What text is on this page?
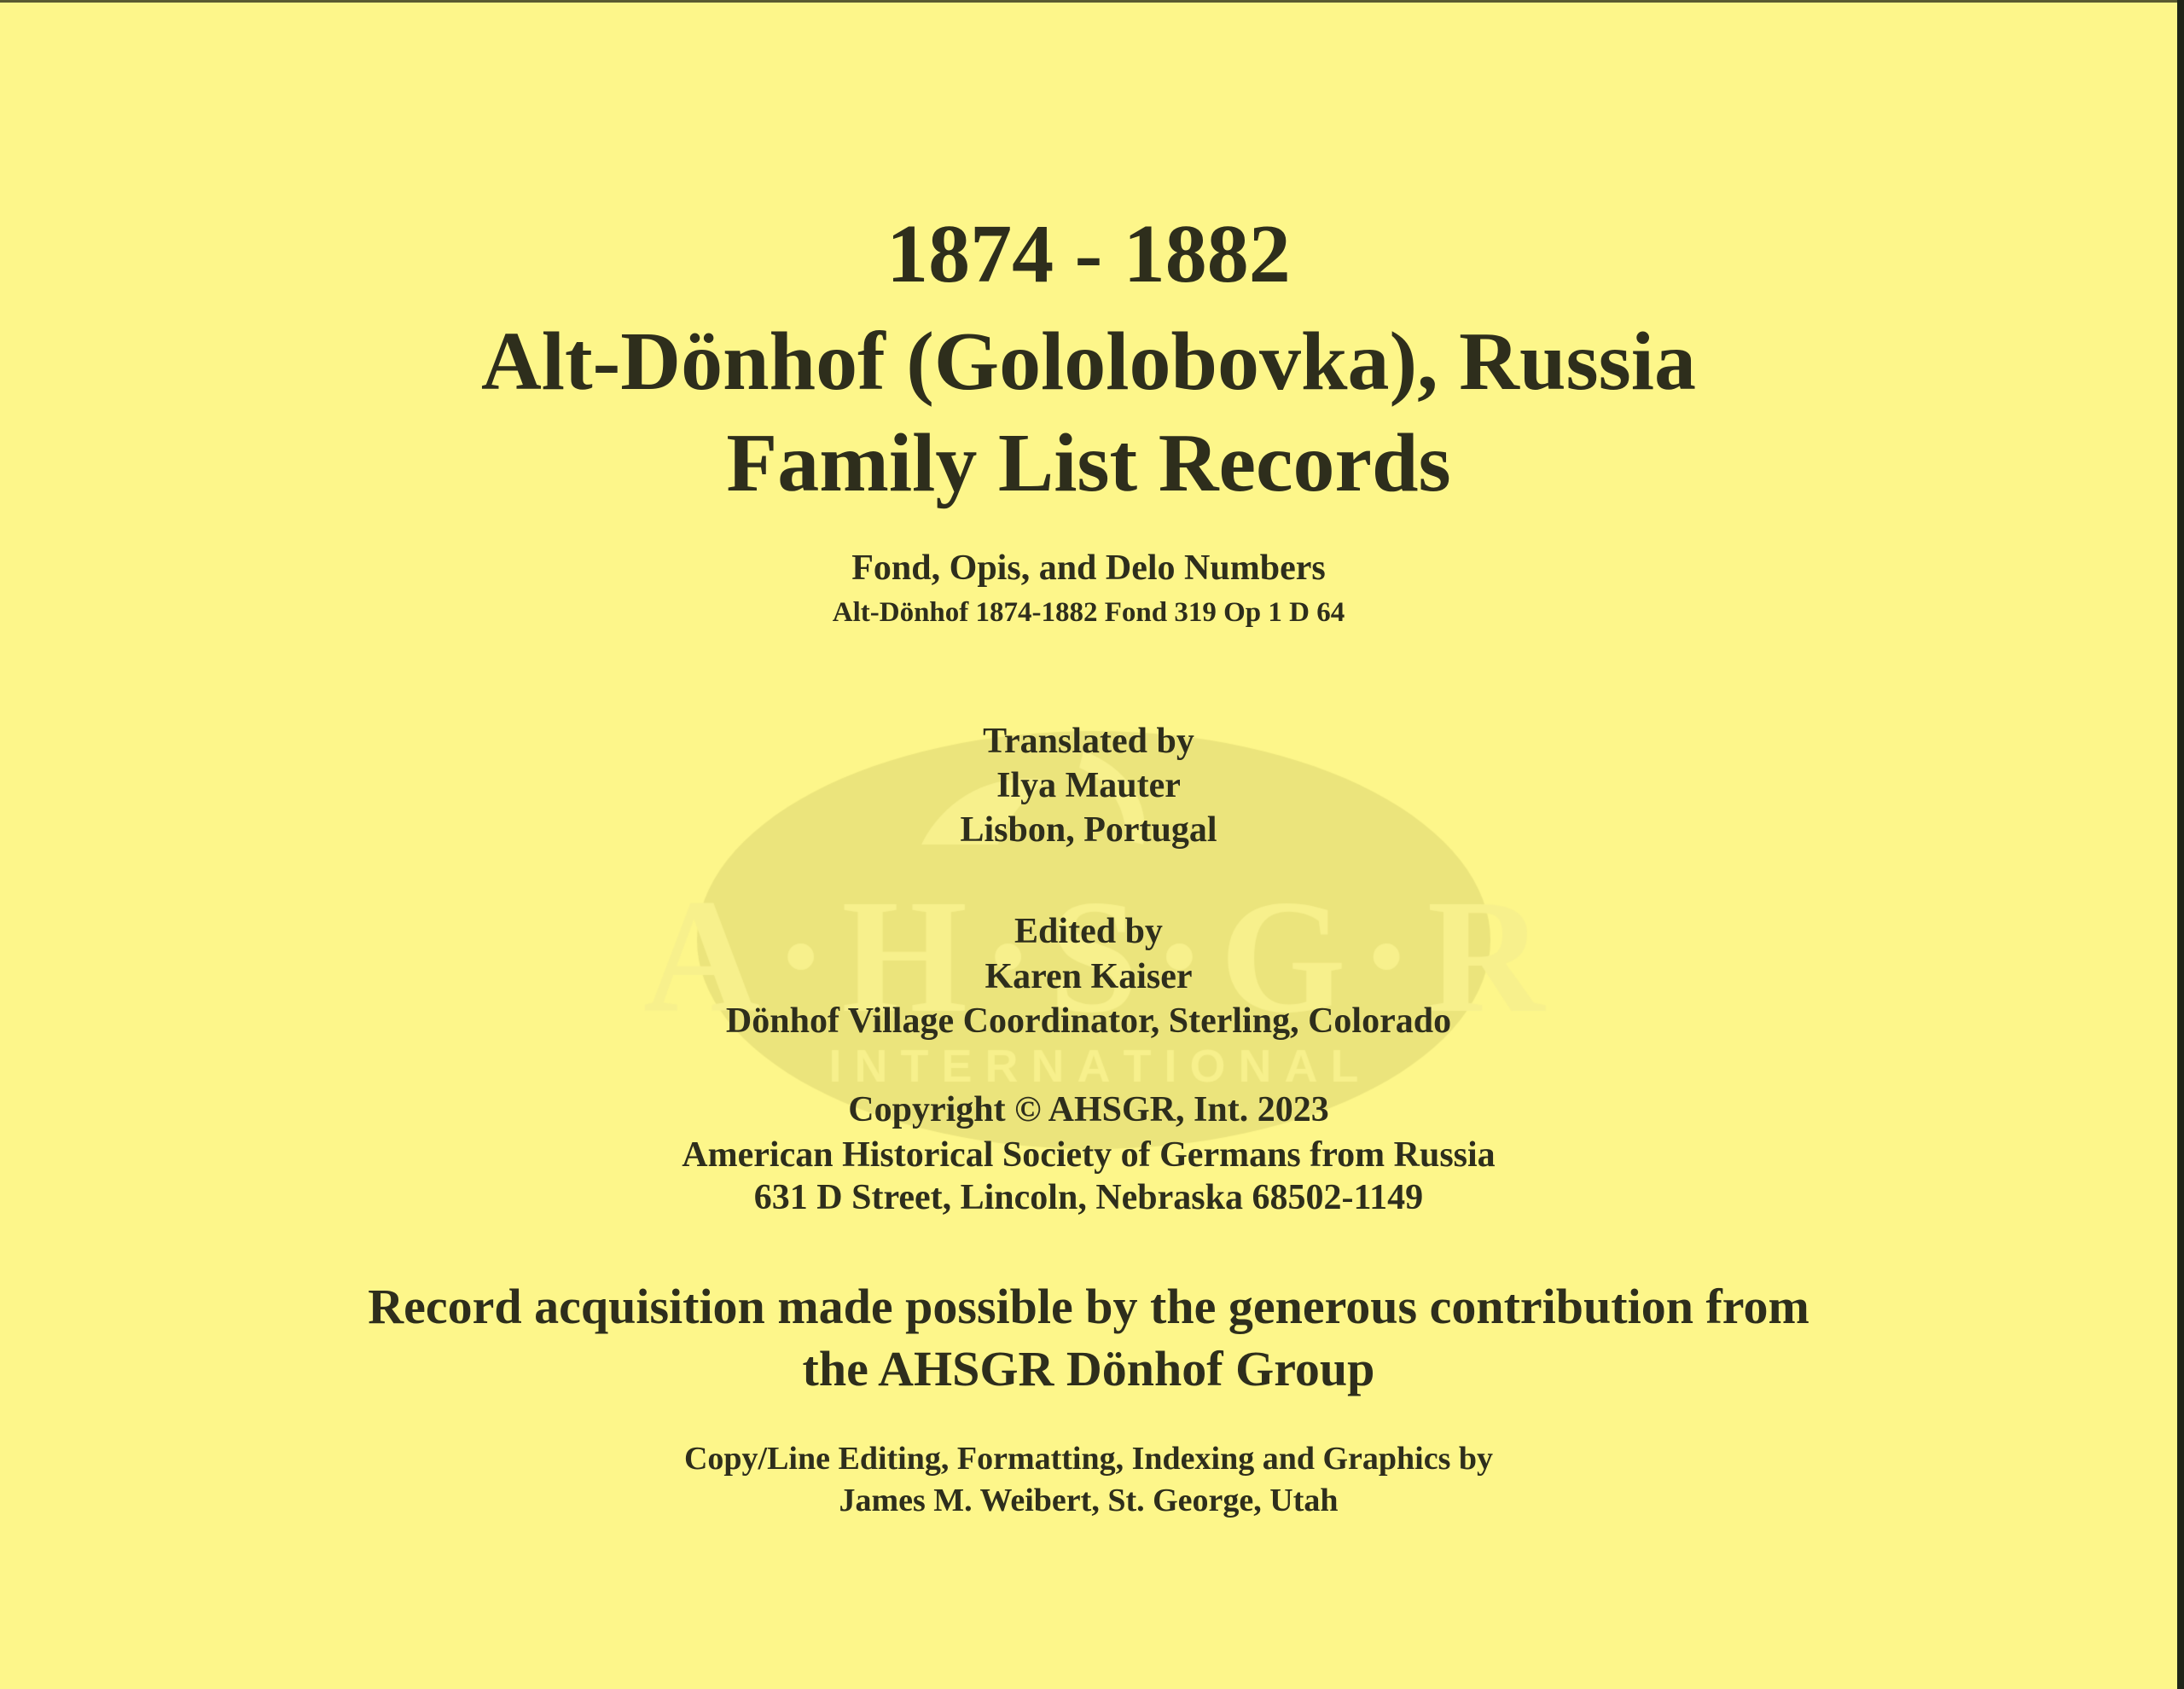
1874 - 1882
Alt-Dönhof (Gololobovka), Russia
Family List Records
Fond, Opis, and Delo Numbers
Alt-Dönhof 1874-1882 Fond 319 Op 1 D 64
Translated by
Ilya Mauter
Lisbon, Portugal
Edited by
Karen Kaiser
Dönhof Village Coordinator, Sterling, Colorado
Copyright © AHSGR, Int. 2023
American Historical Society of Germans from Russia
631 D Street, Lincoln, Nebraska 68502-1149
Record acquisition made possible by the generous contribution from
the AHSGR Dönhof Group
Copy/Line Editing, Formatting, Indexing and Graphics by
James M. Weibert, St. George, Utah
